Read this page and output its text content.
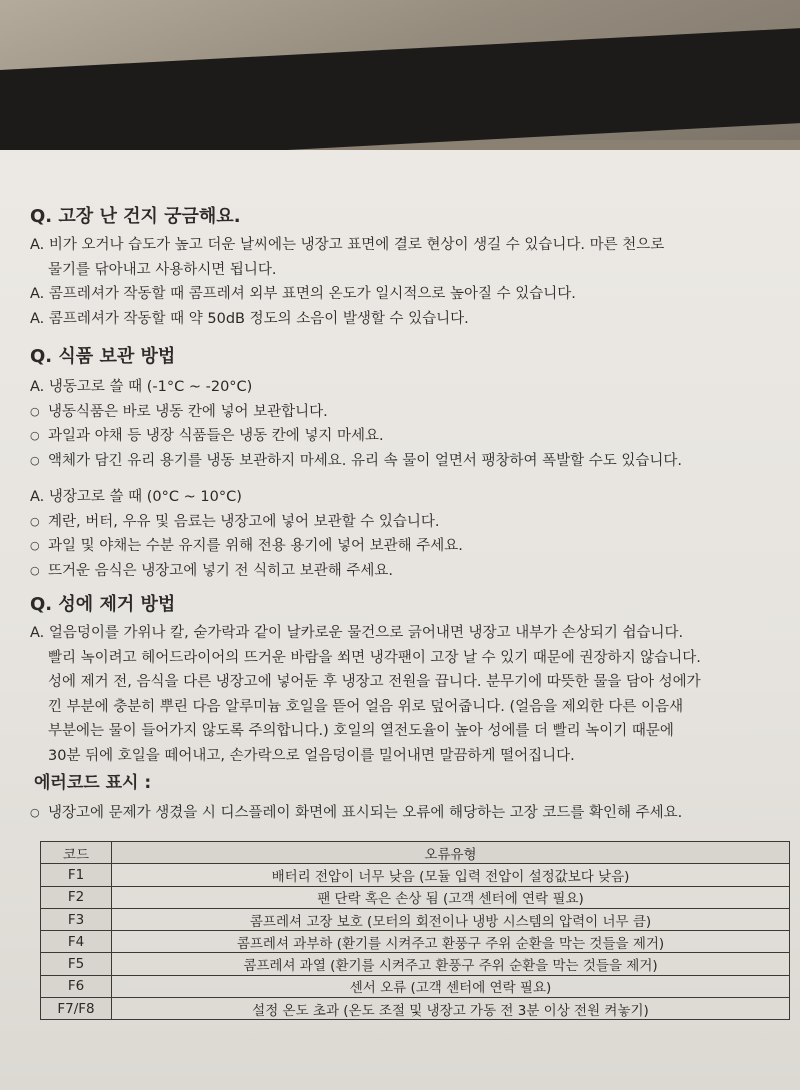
Q. 고장 난 건지 궁금해요.

A. 비가 오거나 습도가 높고 더운 날씨에는 냉장고 표면에 결로 현상이 생길 수 있습니다. 마른 천으로

물기를 닦아내고 사용하시면 됩니다.

A. 콤프레셔가 작동할 때 콤프레셔 외부 표면의 온도가 일시적으로 높아질 수 있습니다.

A. 콤프레셔가 작동할 때 약 50dB 정도의 소음이 발생할 수 있습니다.

Q. 식품 보관 방법

A. 냉동고로 쓸 때 (-1°C ~ -20°C)

○ 냉동식품은 바로 냉동 칸에 넣어 보관합니다.

○ 과일과 야채 등 냉장 식품들은 냉동 칸에 넣지 마세요.

○ 액체가 담긴 유리 용기를 냉동 보관하지 마세요. 유리 속 물이 얼면서 팽창하여 폭발할 수도 있습니다.

A. 냉장고로 쓸 때 (0°C ~ 10°C)

○ 계란, 버터, 우유 및 음료는 냉장고에 넣어 보관할 수 있습니다.

○ 과일 및 야채는 수분 유지를 위해 전용 용기에 넣어 보관해 주세요.

○ 뜨거운 음식은 냉장고에 넣기 전 식히고 보관해 주세요.

Q. 성에 제거 방법

A. 얼음덩이를 가위나 칼, 숟가락과 같이 날카로운 물건으로 긁어내면 냉장고 내부가 손상되기 쉽습니다.

빨리 녹이려고 헤어드라이어의 뜨거운 바람을 쐬면 냉각팬이 고장 날 수 있기 때문에 권장하지 않습니다.

성에 제거 전, 음식을 다른 냉장고에 넣어둔 후 냉장고 전원을 끕니다. 분무기에 따뜻한 물을 담아 성에가

낀 부분에 충분히 뿌린 다음 알루미늄 호일을 뜯어 얼음 위로 덮어줍니다. (얼음을 제외한 다른 이음새

부분에는 물이 들어가지 않도록 주의합니다.) 호일의 열전도율이 높아 성에를 더 빨리 녹이기 때문에

30분 뒤에 호일을 떼어내고, 손가락으로 얼음덩이를 밀어내면 말끔하게 떨어집니다.

에러코드 표시 :

○ 냉장고에 문제가 생겼을 시 디스플레이 화면에 표시되는 오류에 해당하는 고장 코드를 확인해 주세요.

코드	오류유형
F1	배터리 전압이 너무 낮음 (모듈 입력 전압이 설정값보다 낮음)
F2	팬 단락 혹은 손상 됨 (고객 센터에 연락 필요)
F3	콤프레셔 고장 보호 (모터의 회전이나 냉방 시스템의 압력이 너무 큼)
F4	콤프레셔 과부하 (환기를 시켜주고 환풍구 주위 순환을 막는 것들을 제거)
F5	콤프레셔 과열 (환기를 시켜주고 환풍구 주위 순환을 막는 것들을 제거)
F6	센서 오류 (고객 센터에 연락 필요)
F7/F8	설정 온도 초과 (온도 조절 및 냉장고 가동 전 3분 이상 전원 켜놓기)
